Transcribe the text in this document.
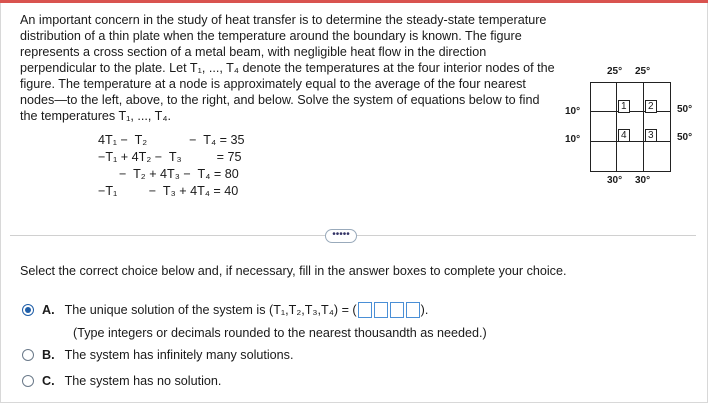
An important concern in the study of heat transfer is to determine the steady-state temperature distribution of a thin plate when the temperature around the boundary is known. The figure represents a cross section of a metal beam, with negligible heat flow in the direction perpendicular to the plate. Let T₁, ..., T₄ denote the temperatures at the four interior nodes of the figure. The temperature at a node is approximately equal to the average of the four nearest nodes—to the left, above, to the right, and below. Solve the system of equations below to find the temperatures T₁, ..., T₄.

4T₁ −  T₂            −  T₄ = 35
−T₁ + 4T₂ −  T₃          = 75
−  T₂ + 4T₃ −  T₄ = 80
−T₁         −  T₃ + 4T₄ = 40
25° 25°
10°
10°
50°
50°
30° 30°
1	2
3
4
•••••
Select the correct choice below and, if necessary, fill in the answer boxes to complete your choice.
A. The unique solution of the system is (T₁,T₂,T₃,T₄) = (	).
(Type integers or decimals rounded to the nearest thousandth as needed.)
B. The system has infinitely many solutions.
C. The system has no solution.
